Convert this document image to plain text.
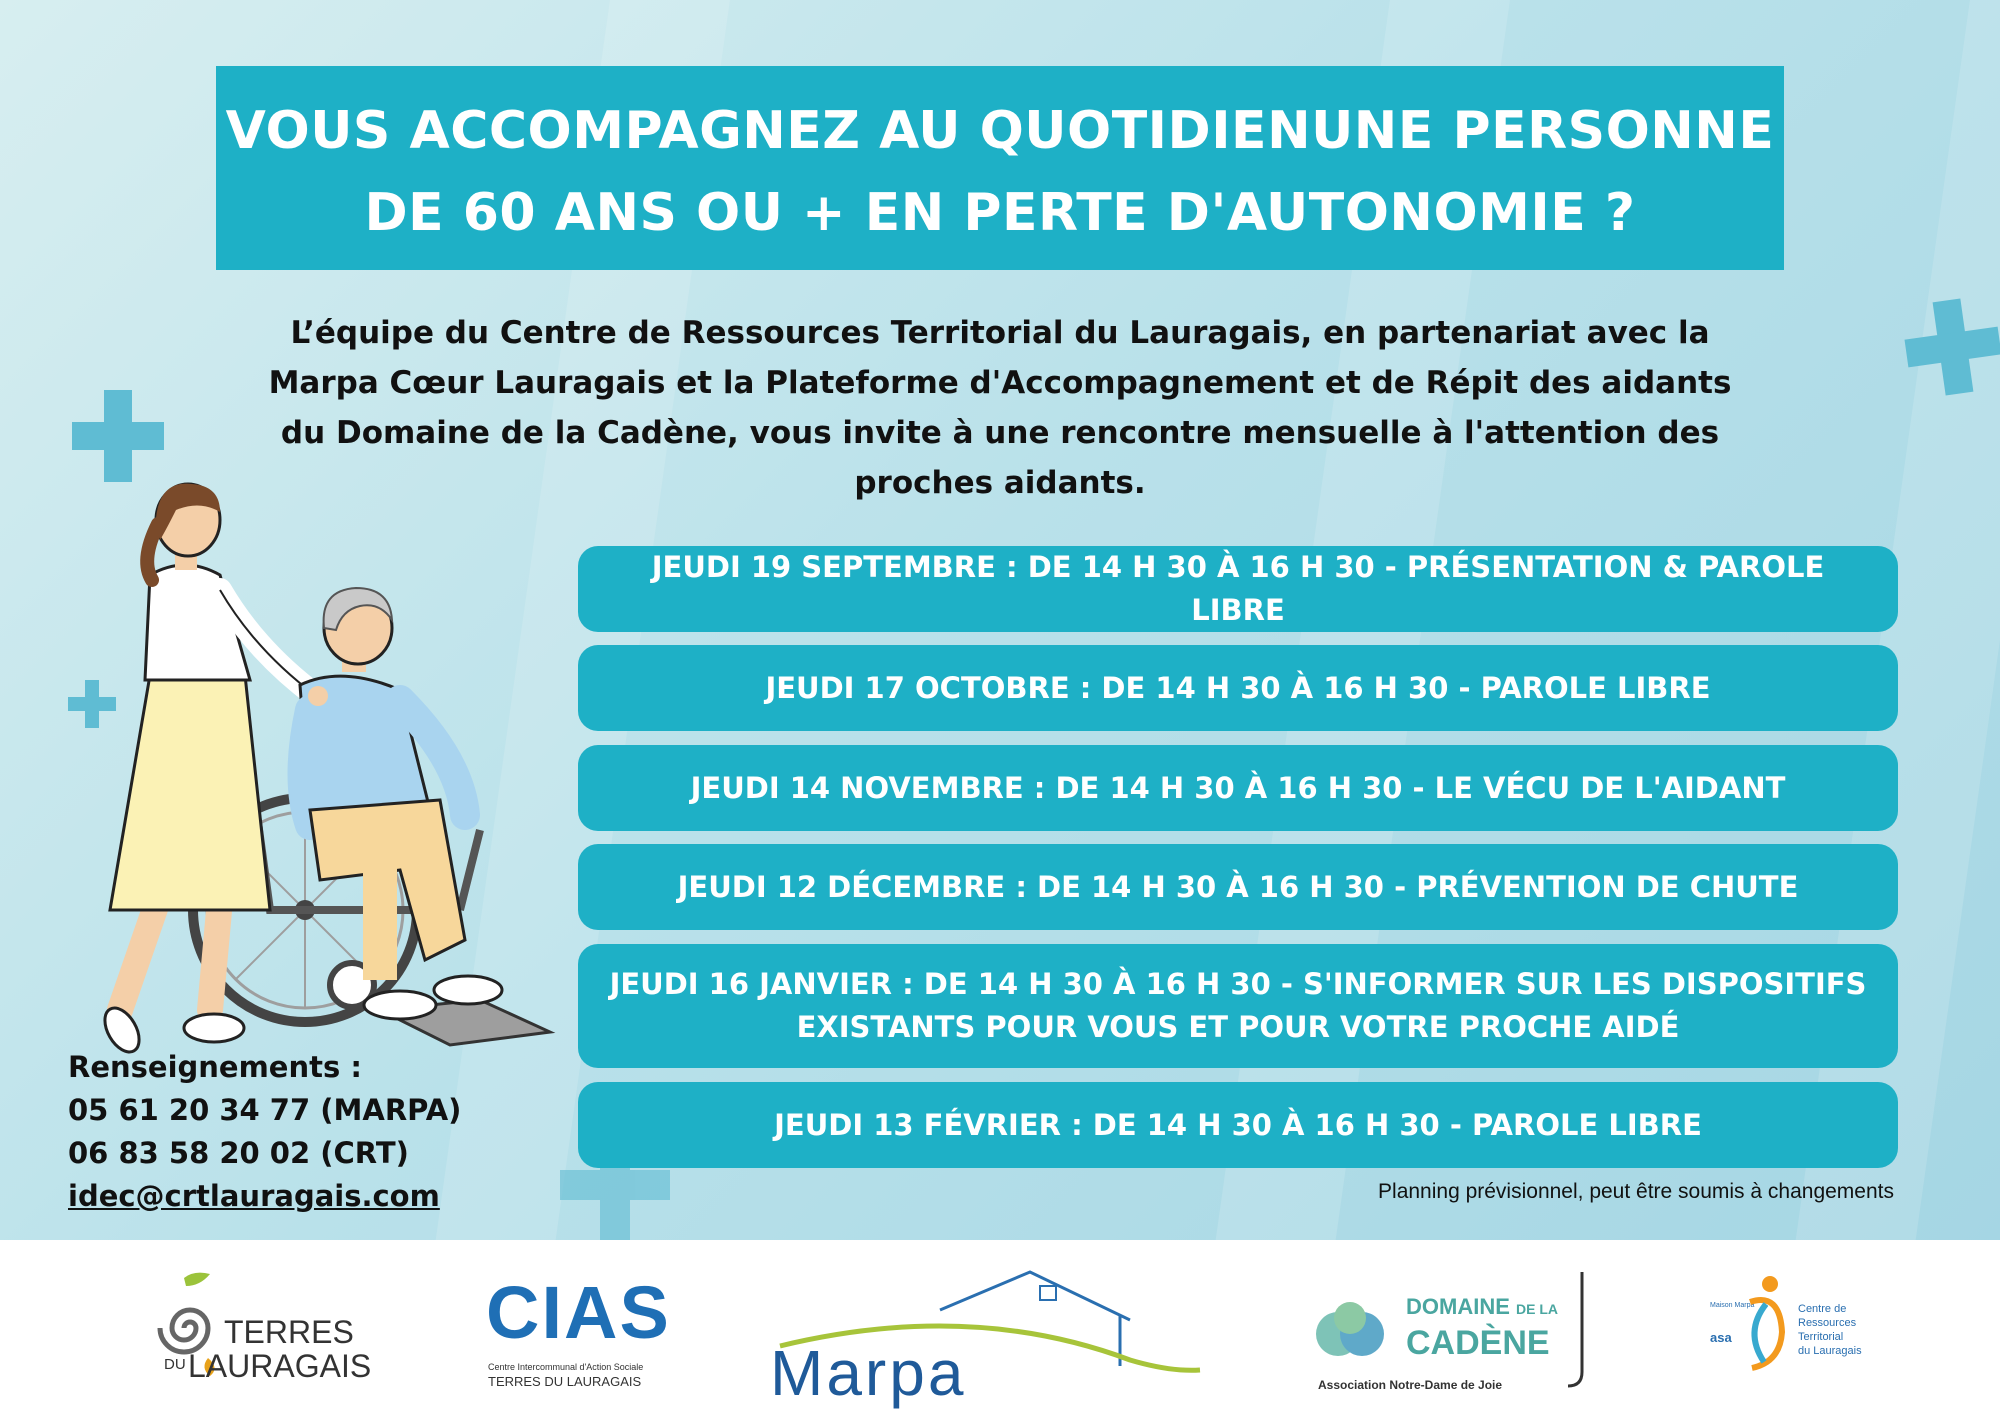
VOUS ACCOMPAGNEZ AU QUOTIDIENUNE PERSONNE
DE 60 ANS OU + EN PERTE D'AUTONOMIE ?
L’équipe du Centre de Ressources Territorial du Lauragais, en partenariat avec la
Marpa Cœur Lauragais et la Plateforme d'Accompagnement et de Répit des aidants
du Domaine de la Cadène, vous invite à une rencontre mensuelle à l'attention des
proches aidants.
JEUDI 19 SEPTEMBRE : DE 14 H 30 À 16 H 30 - PRÉSENTATION & PAROLE LIBRE
JEUDI 17 OCTOBRE : DE 14 H 30 À 16 H 30 - PAROLE LIBRE
JEUDI 14 NOVEMBRE : DE 14 H 30 À 16 H 30 - LE VÉCU DE L'AIDANT
JEUDI 12 DÉCEMBRE : DE 14 H 30 À 16 H 30 - PRÉVENTION DE CHUTE
JEUDI 16 JANVIER : DE 14 H 30 À 16 H 30 - S'INFORMER SUR LES DISPOSITIFS
EXISTANTS POUR VOUS ET POUR VOTRE PROCHE AIDÉ
JEUDI 13 FÉVRIER : DE 14 H 30 À 16 H 30 - PAROLE LIBRE
Renseignements :
05 61 20 34 77 (MARPA)
06 83 58 20 02 (CRT)
idec@crtlauragais.com	Planning prévisionnel, peut être soumis à changements
TERRES
DU LAURAGAIS
CIAS
Centre Intercommunal d'Action Sociale
TERRES DU LAURAGAIS Marpa
DOMAINE DE LA
CADÈNE
Association Notre-Dame de Joie
Maison Marpa
asa
Centre de
Ressources
Territorial
du Lauragais
